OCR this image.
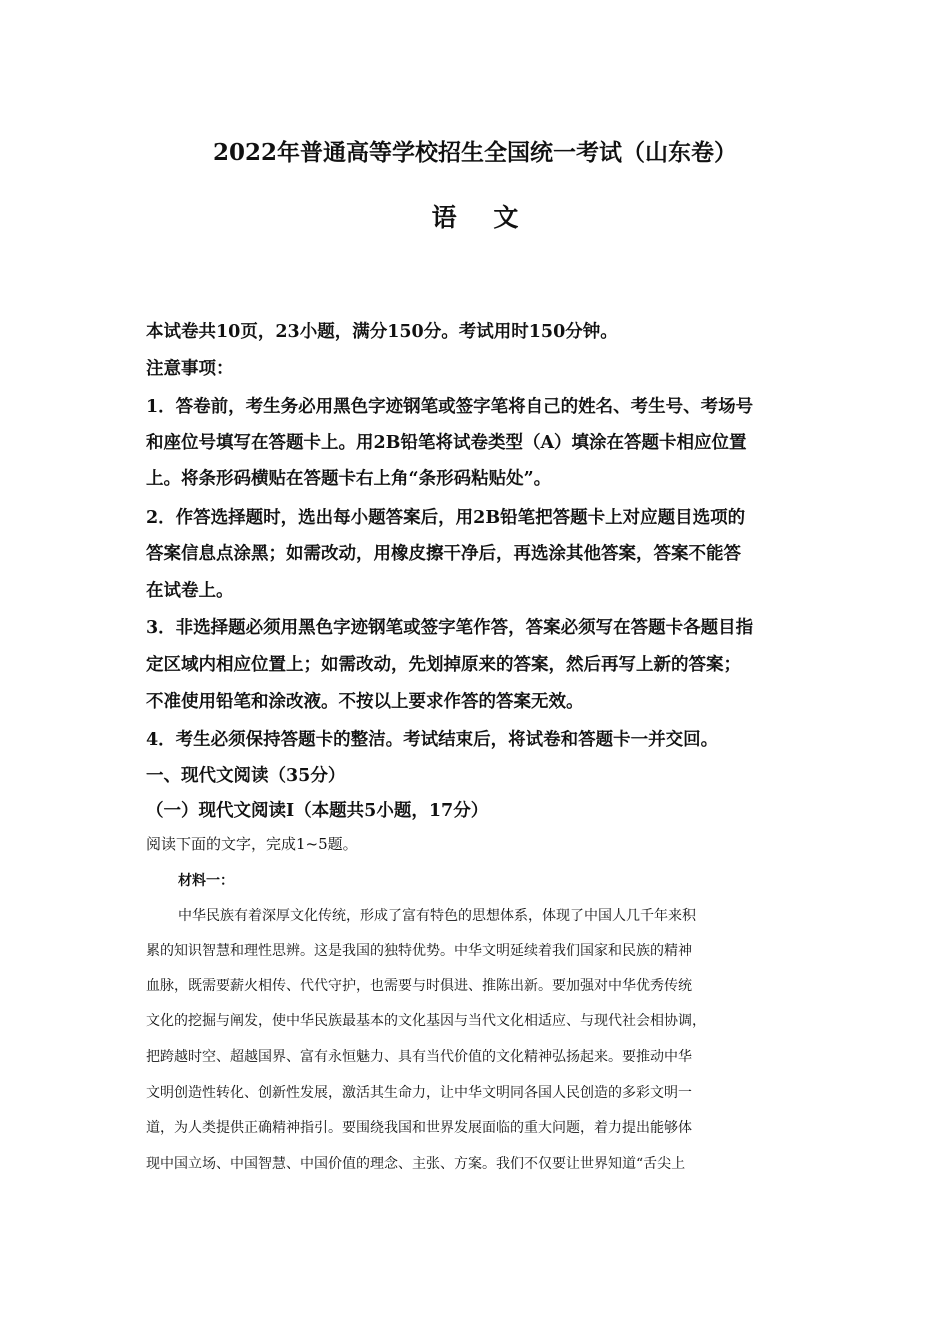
2022年普通高等学校招生全国统一考试（山东卷）
语 文
本试卷共10页，23小题，满分150分。考试用时150分钟。
注意事项：
1．答卷前，考生务必用黑色字迹钢笔或签字笔将自己的姓名、考生号、考场号
和座位号填写在答题卡上。用2B铅笔将试卷类型（A）填涂在答题卡相应位置
上。将条形码横贴在答题卡右上角“条形码粘贴处”。
2．作答选择题时，选出每小题答案后，用2B铅笔把答题卡上对应题目选项的
答案信息点涂黑；如需改动，用橡皮擦干净后，再选涂其他答案，答案不能答
在试卷上。
3．非选择题必须用黑色字迹钢笔或签字笔作答，答案必须写在答题卡各题目指
定区域内相应位置上；如需改动，先划掉原来的答案，然后再写上新的答案；
不准使用铅笔和涂改液。不按以上要求作答的答案无效。
4．考生必须保持答题卡的整洁。考试结束后，将试卷和答题卡一并交回。
一、现代文阅读（35分）
（一）现代文阅读Ⅰ（本题共5小题，17分）
阅读下面的文字，完成1~5题。
材料一：
中华民族有着深厚文化传统，形成了富有特色的思想体系，体现了中国人几千年来积
累的知识智慧和理性思辨。这是我国的独特优势。中华文明延续着我们国家和民族的精神
血脉，既需要薪火相传、代代守护，也需要与时俱进、推陈出新。要加强对中华优秀传统
文化的挖掘与阐发，使中华民族最基本的文化基因与当代文化相适应、与现代社会相协调，
把跨越时空、超越国界、富有永恒魅力、具有当代价值的文化精神弘扬起来。要推动中华
文明创造性转化、创新性发展，激活其生命力，让中华文明同各国人民创造的多彩文明一
道，为人类提供正确精神指引。要围绕我国和世界发展面临的重大问题，着力提出能够体
现中国立场、中国智慧、中国价值的理念、主张、方案。我们不仅要让世界知道“舌尖上
